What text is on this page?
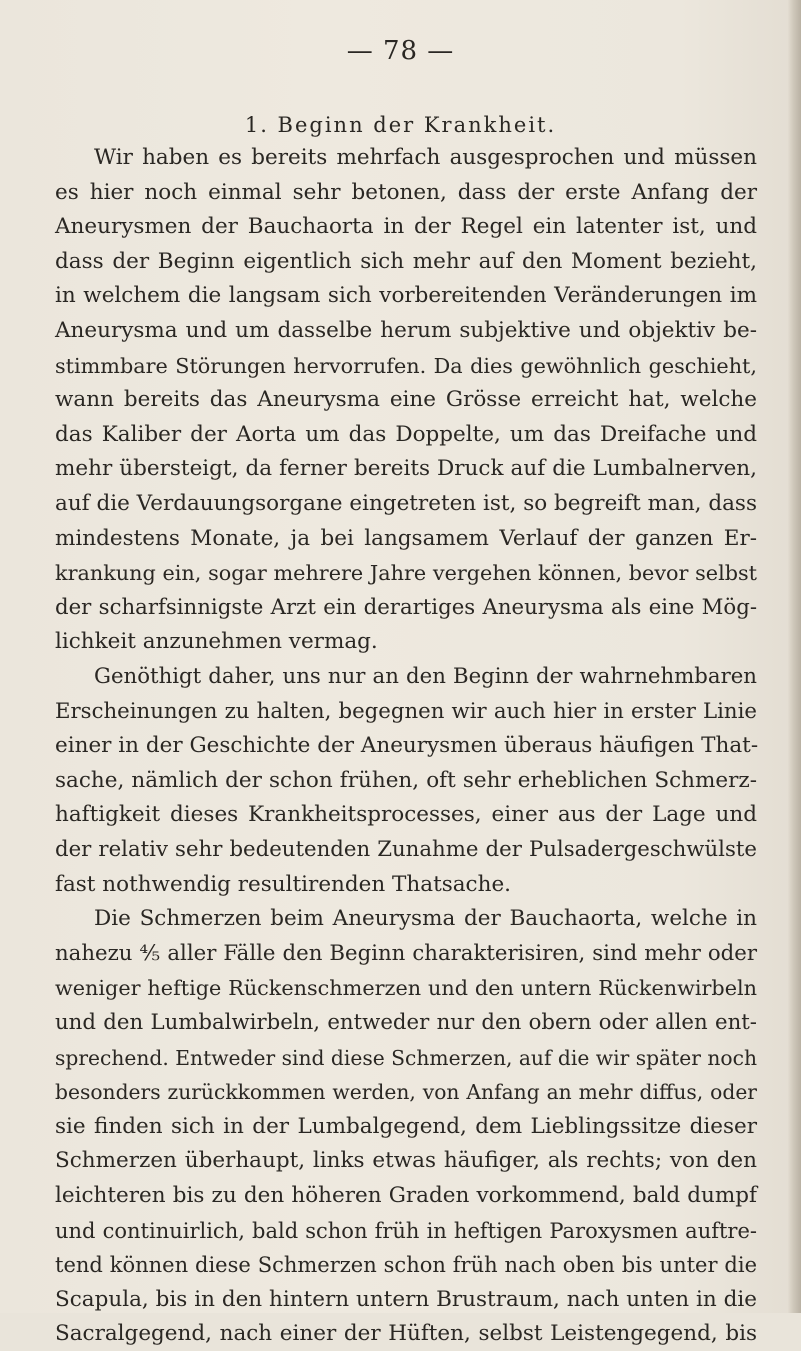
— 78 —
1. Beginn der Krankheit.
Wir haben es bereits mehrfach ausgesprochen und müssen
es hier noch einmal sehr betonen, dass der erste Anfang der
Aneurysmen der Bauchaorta in der Regel ein latenter ist, und
dass der Beginn eigentlich sich mehr auf den Moment bezieht,
in welchem die langsam sich vorbereitenden Veränderungen im
Aneurysma und um dasselbe herum subjektive und objektiv be-
stimmbare Störungen hervorrufen. Da dies gewöhnlich geschieht,
wann bereits das Aneurysma eine Grösse erreicht hat, welche
das Kaliber der Aorta um das Doppelte, um das Dreifache und
mehr übersteigt, da ferner bereits Druck auf die Lumbalnerven,
auf die Verdauungsorgane eingetreten ist, so begreift man, dass
mindestens Monate, ja bei langsamem Verlauf der ganzen Er-
krankung ein, sogar mehrere Jahre vergehen können, bevor selbst
der scharfsinnigste Arzt ein derartiges Aneurysma als eine Mög-
lichkeit anzunehmen vermag.
Genöthigt daher, uns nur an den Beginn der wahrnehmbaren
Erscheinungen zu halten, begegnen wir auch hier in erster Linie
einer in der Geschichte der Aneurysmen überaus häufigen That-
sache, nämlich der schon frühen, oft sehr erheblichen Schmerz-
haftigkeit dieses Krankheitsprocesses, einer aus der Lage und
der relativ sehr bedeutenden Zunahme der Pulsadergeschwülste
fast nothwendig resultirenden Thatsache.
Die Schmerzen beim Aneurysma der Bauchaorta, welche in
nahezu ⅘ aller Fälle den Beginn charakterisiren, sind mehr oder
weniger heftige Rückenschmerzen und den untern Rückenwirbeln
und den Lumbalwirbeln, entweder nur den obern oder allen ent-
sprechend. Entweder sind diese Schmerzen, auf die wir später noch
besonders zurückkommen werden, von Anfang an mehr diffus, oder
sie finden sich in der Lumbalgegend, dem Lieblingssitze dieser
Schmerzen überhaupt, links etwas häufiger, als rechts; von den
leichteren bis zu den höheren Graden vorkommend, bald dumpf
und continuirlich, bald schon früh in heftigen Paroxysmen auftre-
tend können diese Schmerzen schon früh nach oben bis unter die
Scapula, bis in den hintern untern Brustraum, nach unten in die
Sacralgegend, nach einer der Hüften, selbst Leistengegend, bis
